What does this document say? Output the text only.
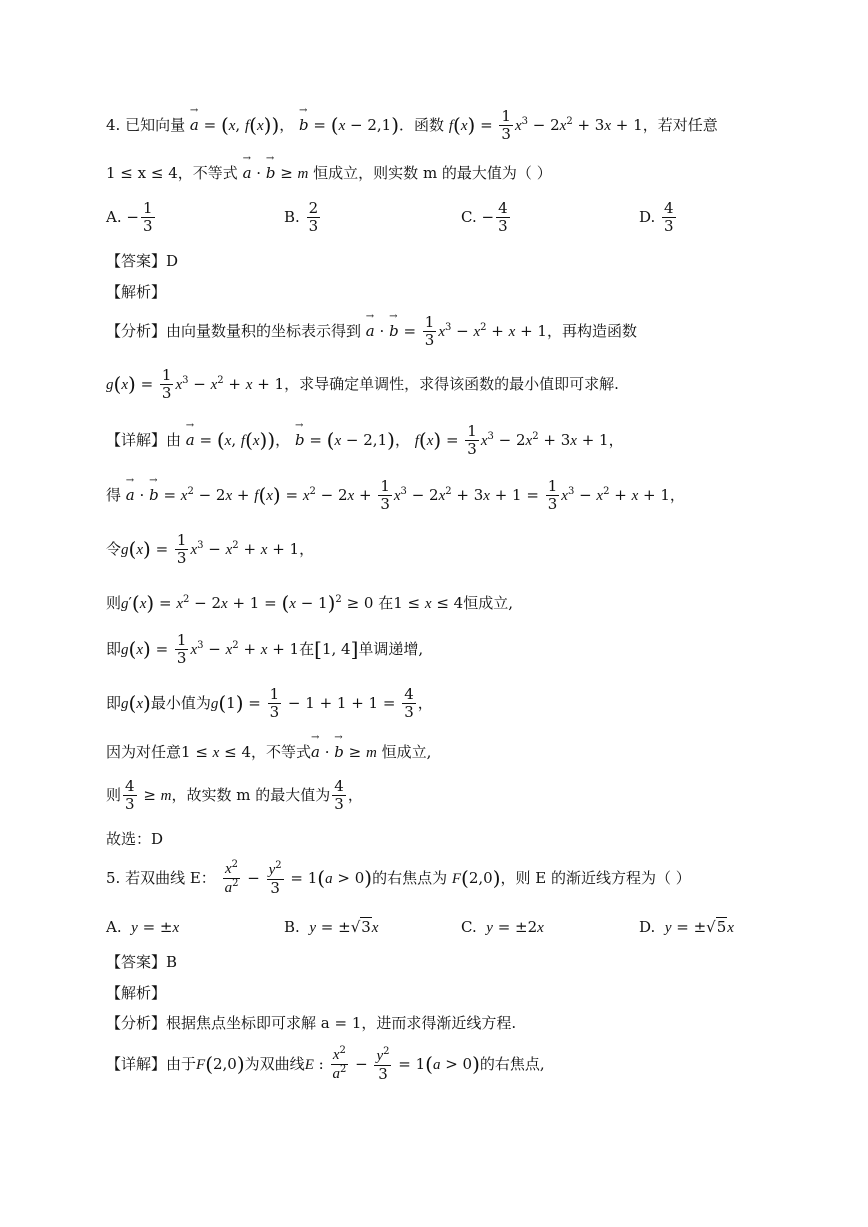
4. 已知向量 → a = (x, f(x))， → b = (x − 2,1)．函数 $f(x) = \frac{1}{3} x^3 - 2x^2 + 3x + 1$，若对任意
1 ≤ x ≤ 4，不等式 → a · → b ≥ m 恒成立，则实数 m 的最大值为（ ）
A. − $\frac{1}{3}$	B. $\frac{2}{3}$	C. − $\frac{4}{3}$	D. $\frac{4}{3}$
【答案】D
【解析】
【分析】由向量数量积的坐标表示得到 → a · → $b = \frac{1}{3} x^3 - x^2 + x + 1$，再构造函数
$g(x) = \frac{1}{3} x^3 - x^2 + x + 1$，求导确定单调性，求得该函数的最小值即可求解.
【详解】由 → a = (x, f(x))， → b = (x − 2,1)， $f(x) = \frac{1}{3} x^3 - 2x^2 + 3x + 1$，
得 → a · → $b = x^2 - 2x + f(x) = x^2 - 2x + \frac{1}{3} x^3 - 2x^2 + 3x + 1 = \frac{1}{3} x^3 - x^2 + x + 1$，
令$g(x) = \frac{1}{3} x^3 - x^2 + x + 1$，
则$g'(x) = x^2 - 2x + 1 = (x - 1)^2 \ge 0$ 在1 ≤ x ≤ 4恒成立,
即$g(x) = \frac{1}{3} x^3 - x^2 + x + 1$在[1, 4]单调递增,
即g(x)最小值为$g(1) = \frac{1}{3} - 1 + 1 + 1 = \frac{4}{3}$ ，
因为对任意1 ≤ x ≤ 4，不等式→ a · → b ≥ m 恒成立,
则 $\frac{4}{3} \ge m$，故实数 m 的最大值为 $\frac{4}{3}$ ，
故选：D
5. 若双曲线 E： $\frac{x^2}{a^2} - \frac{y^2}{3} = 1(a > 0)$的右焦点为 F(2,0)，则 E 的渐近线方程为（ ）
A. y = ±x	B. y = ±√3x	C. y = ±2x	D. y = ±√5x
【答案】B
【解析】
【分析】根据焦点坐标即可求解 a = 1，进而求得渐近线方程.
【详解】由于F(2,0)为双曲线E : $\frac{x^2}{a^2} - \frac{y^2}{3} = 1(a > 0)$的右焦点,
